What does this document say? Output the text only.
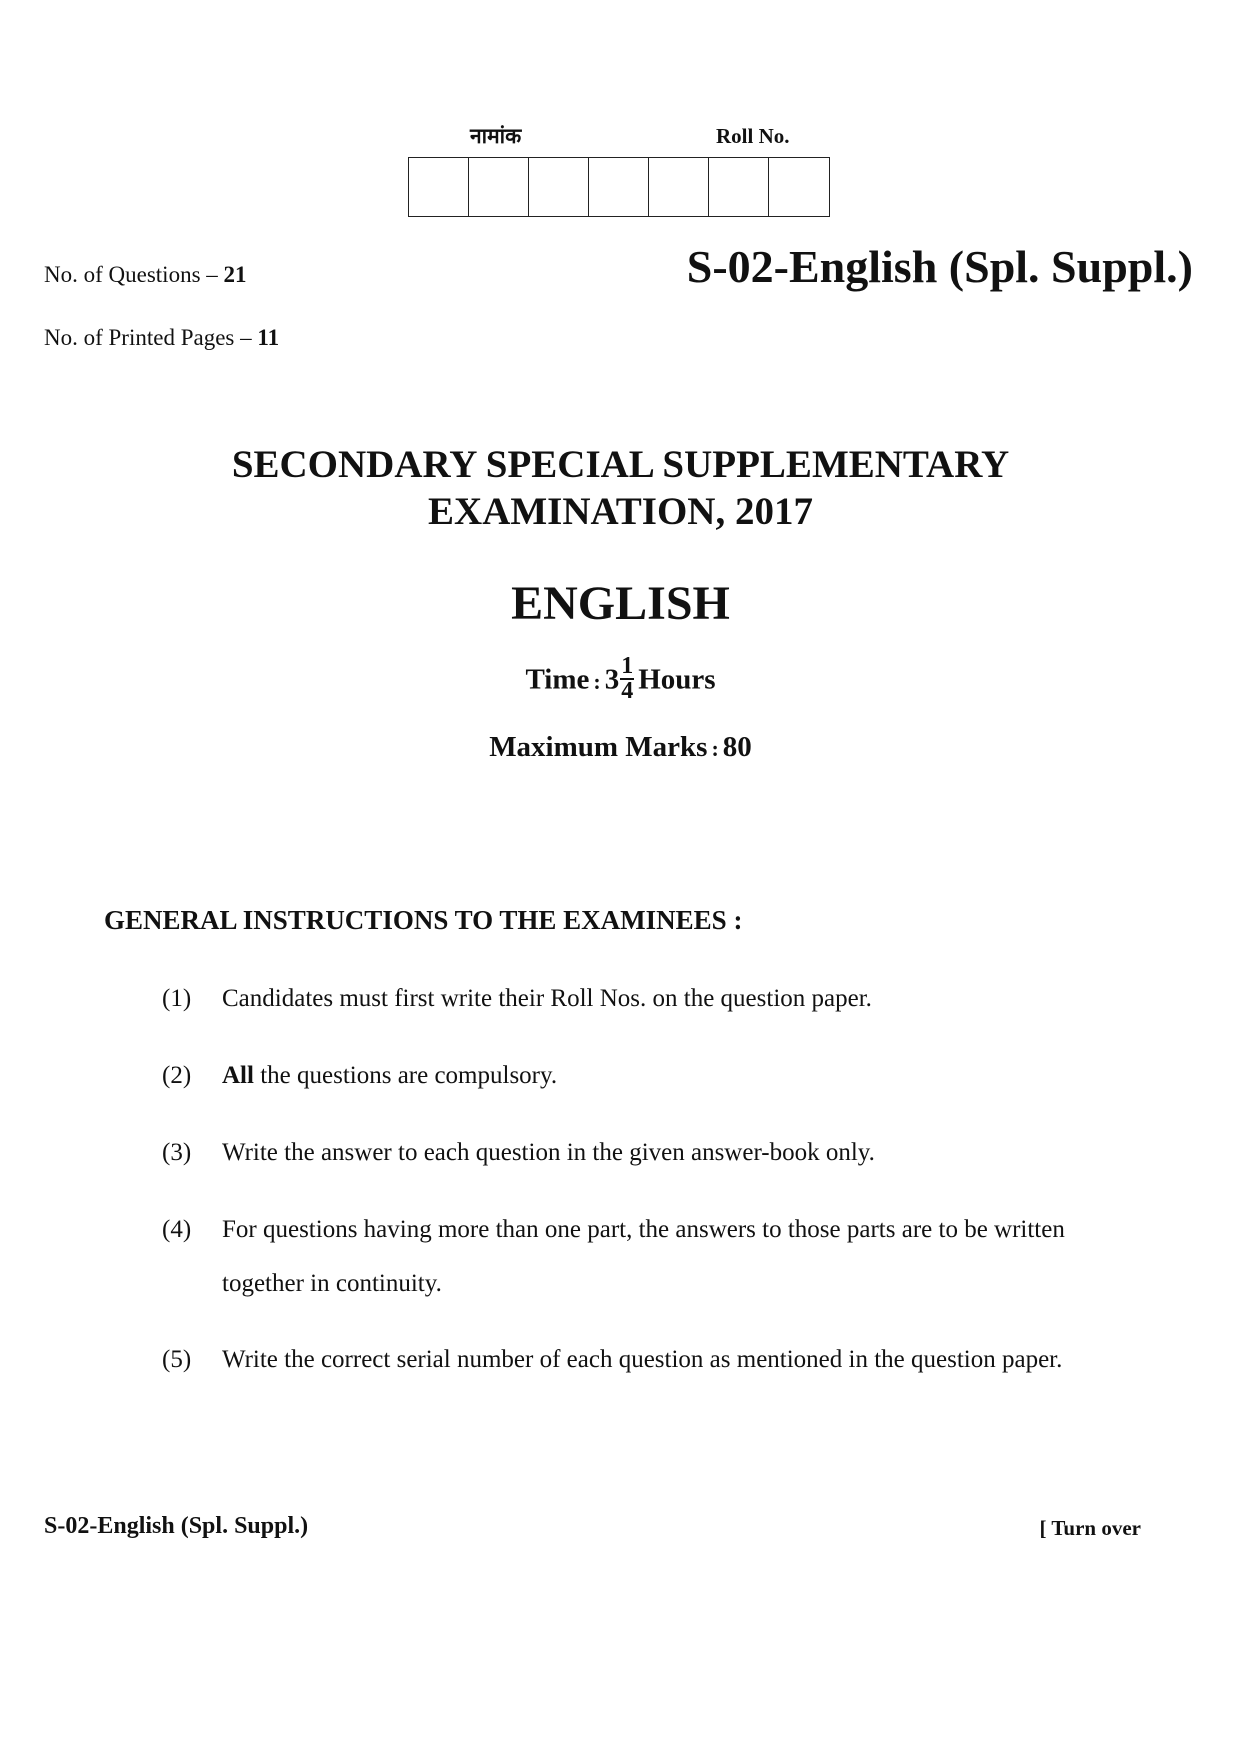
नामांक	Roll No.
No. of Questions – 21
No. of Printed Pages – 11
S-02-English (Spl. Suppl.)
SECONDARY SPECIAL SUPPLEMENTARY
EXAMINATION, 2017
ENGLISH
Time : $3 \frac{1}{4}$ Hours
Maximum Marks : 80
GENERAL INSTRUCTIONS TO THE EXAMINEES :
(1)	Candidates must first write their Roll Nos. on the question paper.
(2)	All the questions are compulsory.
(3)	Write the answer to each question in the given answer-book only.
(4)	For questions having more than one part, the answers to those parts are to be written together in continuity.
(5)	Write the correct serial number of each question as mentioned in the question paper.
S-02-English (Spl. Suppl.)	[ Turn over
